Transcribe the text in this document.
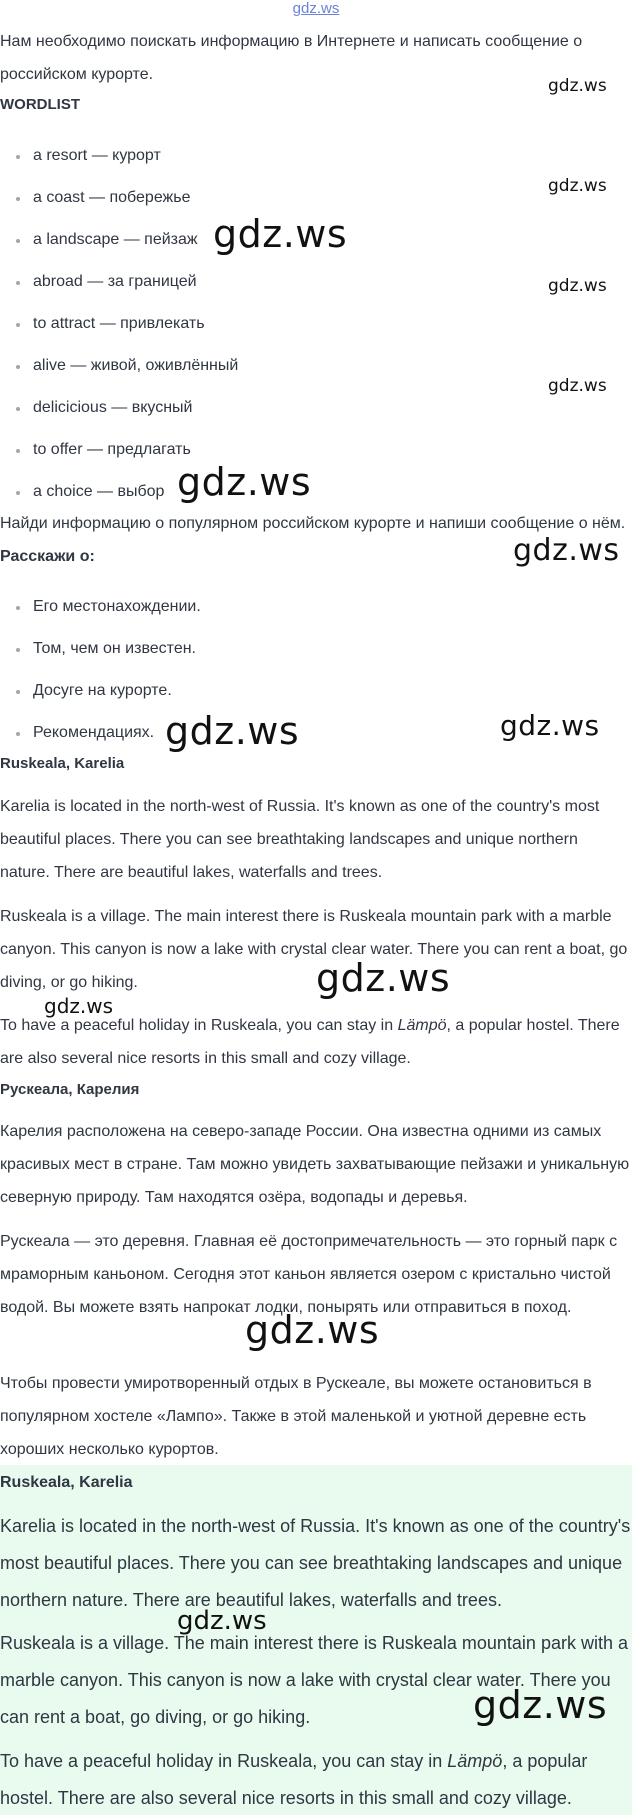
gdz.ws

Нам необходимо поискать информацию в Интернете и написать сообщение о российском курорте.

WORDLIST
a resort — курорт
a coast — побережье
a landscape — пейзаж
abroad — за границей
to attract — привлекать
alive — живой, оживлённый
delicicious — вкусный
to offer — предлагать
a choice — выбор

Найди информацию о популярном российском курорте и напиши сообщение о нём. Расскажи о:

Его местонахождении.
Том, чем он известен.
Досуге на курорте.
Рекомендациях.
Ruskeala, Karelia

Karelia is located in the north-west of Russia. It's known as one of the country's most beautiful places. There you can see breathtaking landscapes and unique northern nature. There are beautiful lakes, waterfalls and trees.

Ruskeala is a village. The main interest there is Ruskeala mountain park with a marble canyon. This canyon is now a lake with crystal clear water. There you can rent a boat, go diving, or go hiking.

To have a peaceful holiday in Ruskeala, you can stay in Lämpö, a popular hostel. There are also several nice resorts in this small and cozy village.

Рускеала, Карелия

Карелия расположена на северо-западе России. Она известна одними из самых красивых мест в стране. Там можно увидеть захватывающие пейзажи и уникальную северную природу. Там находятся озёра, водопады и деревья.

Рускеала — это деревня. Главная её достопримечательность — это горный парк с мраморным каньоном. Сегодня этот каньон является озером с кристально чистой водой. Вы можете взять напрокат лодки, понырять или отправиться в поход.

Чтобы провести умиротворенный отдых в Рускеале, вы можете остановиться в популярном хостеле «Лампо». Также в этой маленькой и уютной деревне есть хороших несколько курортов.

Ruskeala, Karelia

Karelia is located in the north-west of Russia. It's known as one of the country's most beautiful places. There you can see breathtaking landscapes and unique northern nature. There are beautiful lakes, waterfalls and trees.

Ruskeala is a village. The main interest there is Ruskeala mountain park with a marble canyon. This canyon is now a lake with crystal clear water. There you can rent a boat, go diving, or go hiking.

To have a peaceful holiday in Ruskeala, you can stay in Lämpö, a popular hostel. There are also several nice resorts in this small and cozy village.

gdz.ws
gdz.ws
gdz.ws
gdz.ws
gdz.ws
gdz.ws
gdz.ws
gdz.ws	gdz.ws
gdz.ws
gdz.ws
gdz.ws
gdz.ws
gdz.ws
